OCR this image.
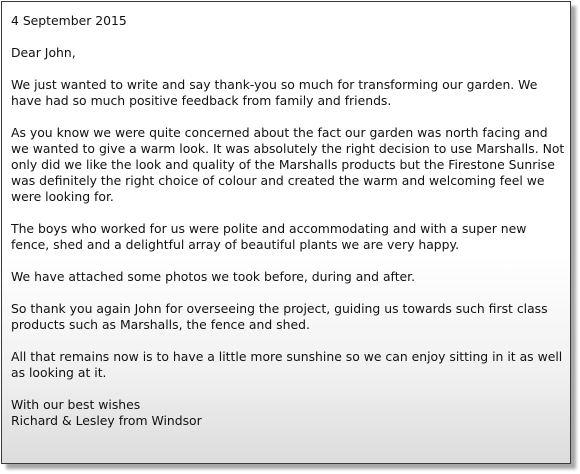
4 September 2015

Dear John,

We just wanted to write and say thank-you so much for transforming our garden. We have had so much positive feedback from family and friends.

As you know we were quite concerned about the fact our garden was north facing and we wanted to give a warm look. It was absolutely the right decision to use Marshalls. Not only did we like the look and quality of the Marshalls products but the Firestone Sunrise was definitely the right choice of colour and created the warm and welcoming feel we were looking for.

The boys who worked for us were polite and accommodating and with a super new fence, shed and a delightful array of beautiful plants we are very happy.

We have attached some photos we took before, during and after.

So thank you again John for overseeing the project, guiding us towards such first class products such as Marshalls, the fence and shed.

All that remains now is to have a little more sunshine so we can enjoy sitting in it as well as looking at it.

With our best wishes
Richard & Lesley from Windsor
